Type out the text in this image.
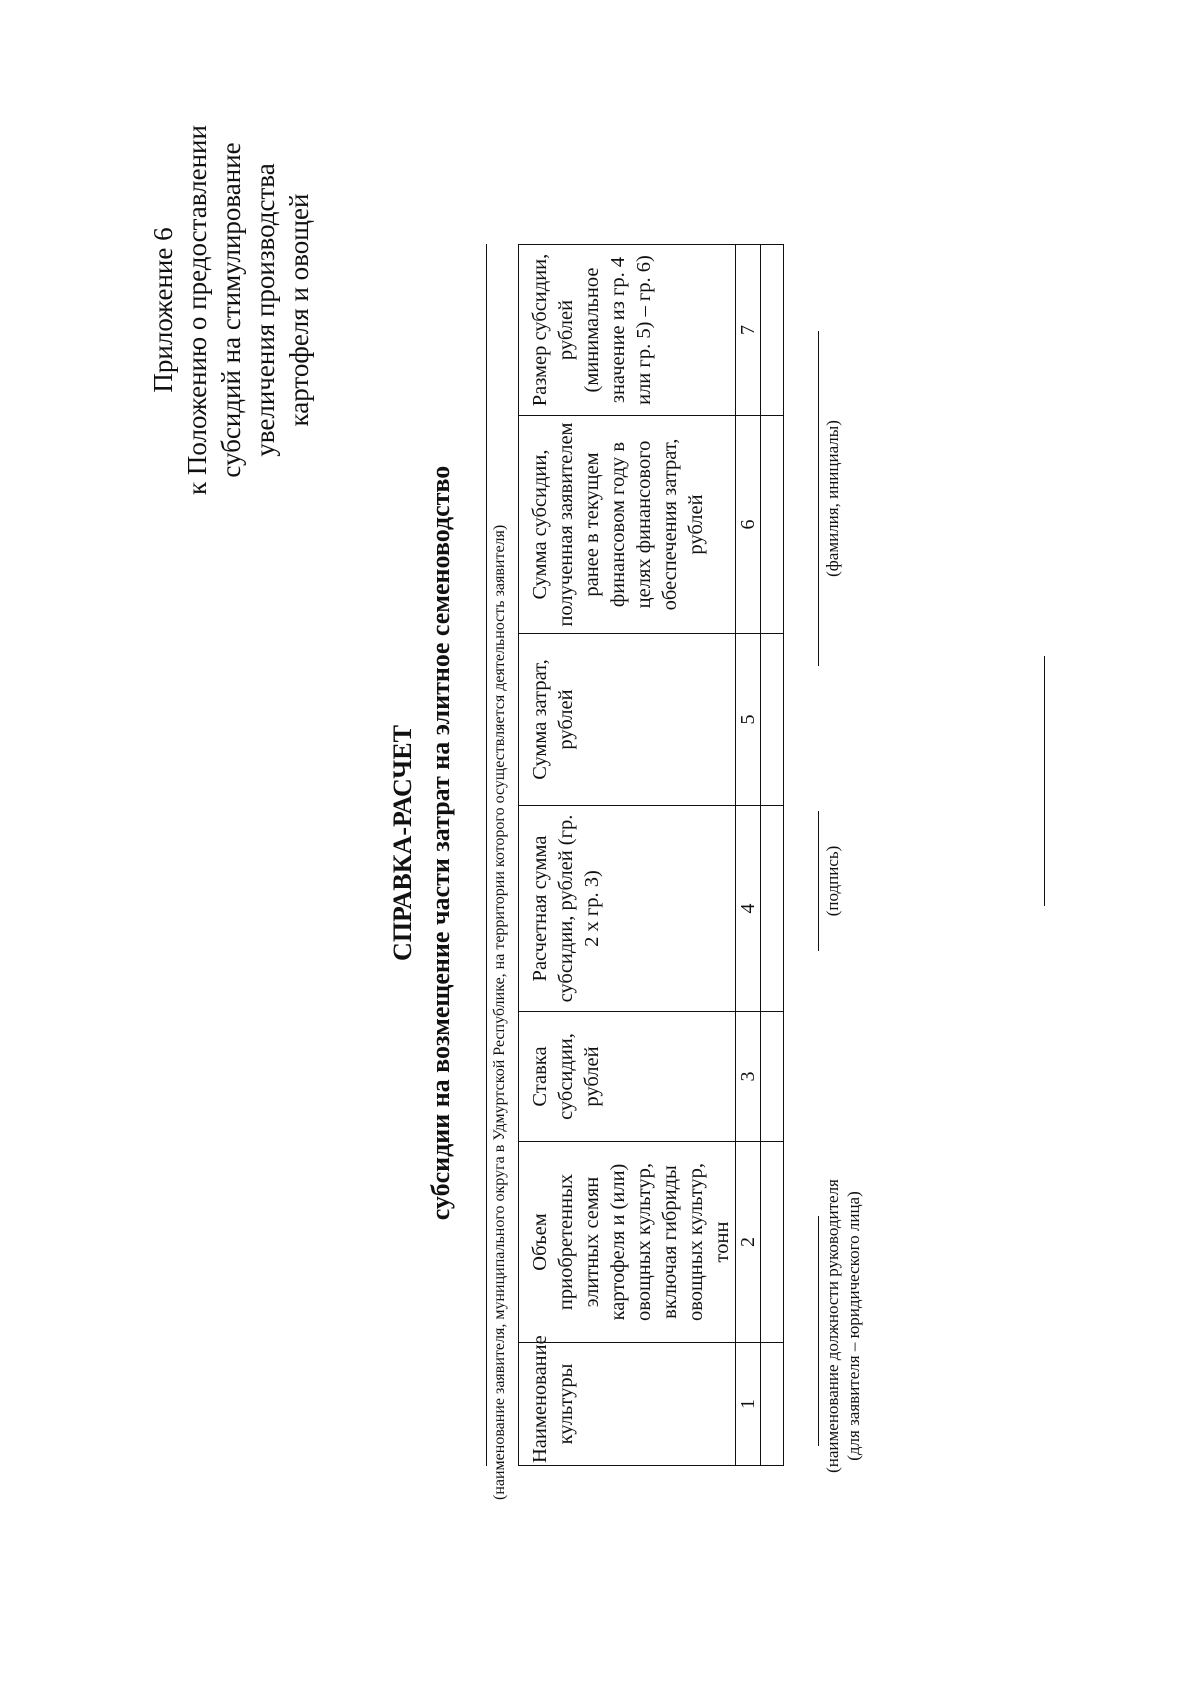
Приложение 6 к Положению о предоставлении субсидий на стимулирование увеличения производства картофеля и овощей
СПРАВКА-РАСЧЕТ субсидии на возмещение части затрат на элитное семеноводство (наименование заявителя, муниципального округа в Удмуртской Республике, на территории которого осуществляется деятельность заявителя) Наименование культуры	Объем приобретенных элитных семян картофеля и (или) овощных культур, включая гибриды овощных культур, тонн	Ставка субсидии, рублей	Расчетная сумма субсидии, рублей (гр. 2 х гр. 3)	Сумма затрат, рублей	Сумма субсидии, полученная заявителем ранее в текущем финансовом году в целях финансового обеспечения затрат, рублей	Размер субсидии, рублей (минимальное значение из гр. 4 или гр. 5) – гр. 6)
1	2	3	4	5	6	7

(наименование должности руководителя (для заявителя – юридического лица)
(подпись)
(фамилия, инициалы)
